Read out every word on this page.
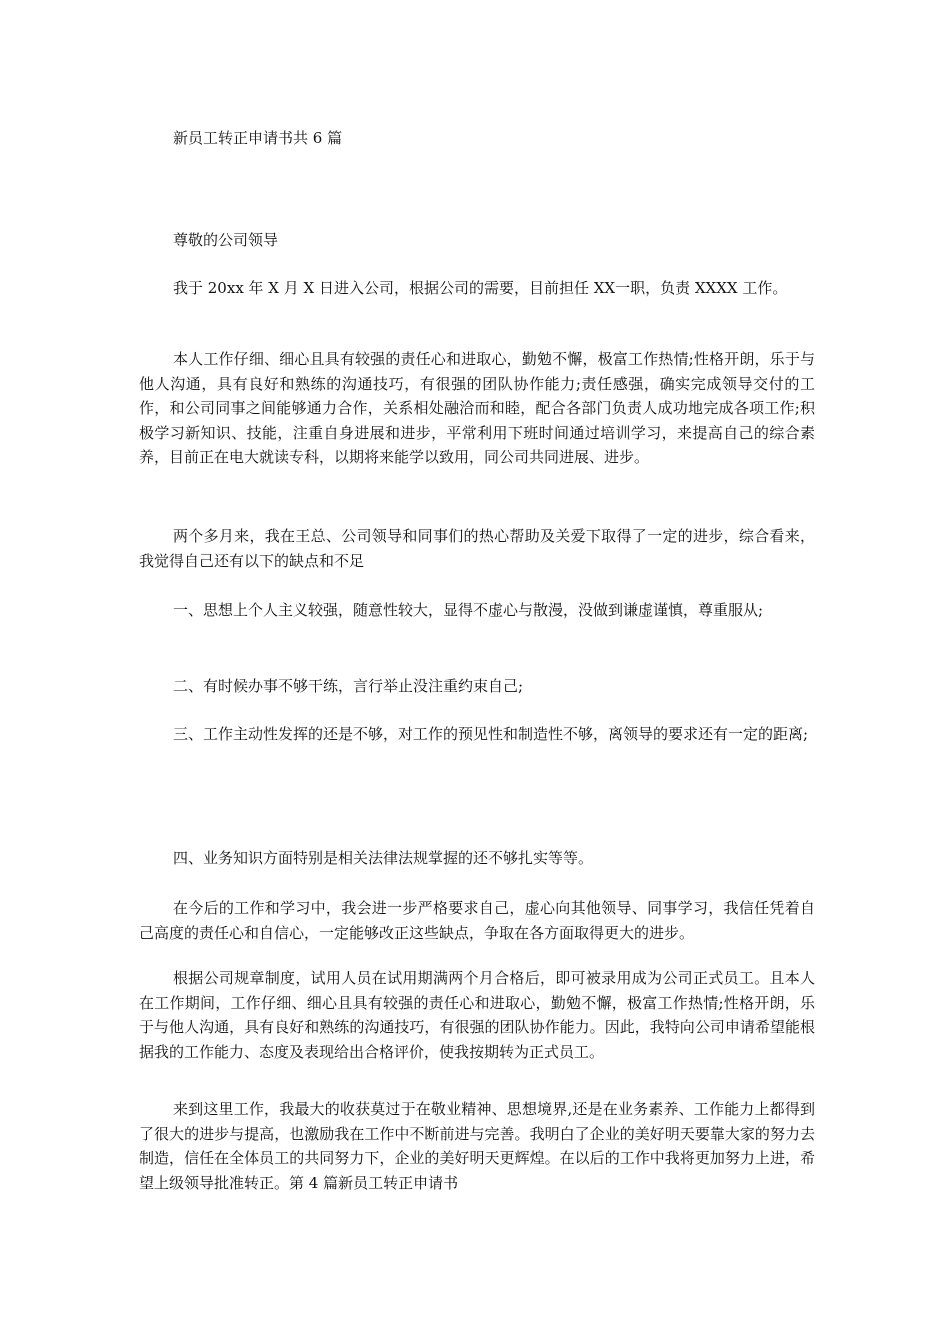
新员工转正申请书共 6 篇

尊敬的公司领导

我于 20xx 年 X 月 X 日进入公司，根据公司的需要，目前担任 XX一职，负责 XXXX 工作。

本人工作仔细、细心且具有较强的责任心和进取心，勤勉不懈，极富工作热情;性格开朗，乐于与他人沟通，具有良好和熟练的沟通技巧，有很强的团队协作能力;责任感强，确实完成领导交付的工作，和公司同事之间能够通力合作，关系相处融洽而和睦，配合各部门负责人成功地完成各项工作;积极学习新知识、技能，注重自身进展和进步，平常利用下班时间通过培训学习，来提高自己的综合素养，目前正在电大就读专科，以期将来能学以致用，同公司共同进展、进步。

两个多月来，我在王总、公司领导和同事们的热心帮助及关爱下取得了一定的进步，综合看来，我觉得自己还有以下的缺点和不足

一、思想上个人主义较强，随意性较大，显得不虚心与散漫，没做到谦虚谨慎，尊重服从;

二、有时候办事不够干练，言行举止没注重约束自己;

三、工作主动性发挥的还是不够，对工作的预见性和制造性不够，离领导的要求还有一定的距离;

四、业务知识方面特别是相关法律法规掌握的还不够扎实等等。

在今后的工作和学习中，我会进一步严格要求自己，虚心向其他领导、同事学习，我信任凭着自己高度的责任心和自信心，一定能够改正这些缺点，争取在各方面取得更大的进步。

根据公司规章制度，试用人员在试用期满两个月合格后，即可被录用成为公司正式员工。且本人在工作期间，工作仔细、细心且具有较强的责任心和进取心，勤勉不懈，极富工作热情;性格开朗，乐于与他人沟通，具有良好和熟练的沟通技巧，有很强的团队协作能力。因此，我特向公司申请希望能根据我的工作能力、态度及表现给出合格评价，使我按期转为正式员工。

来到这里工作，我最大的收获莫过于在敬业精神、思想境界,还是在业务素养、工作能力上都得到了很大的进步与提高，也激励我在工作中不断前进与完善。我明白了企业的美好明天要靠大家的努力去制造，信任在全体员工的共同努力下，企业的美好明天更辉煌。在以后的工作中我将更加努力上进，希望上级领导批准转正。第 4 篇新员工转正申请书
